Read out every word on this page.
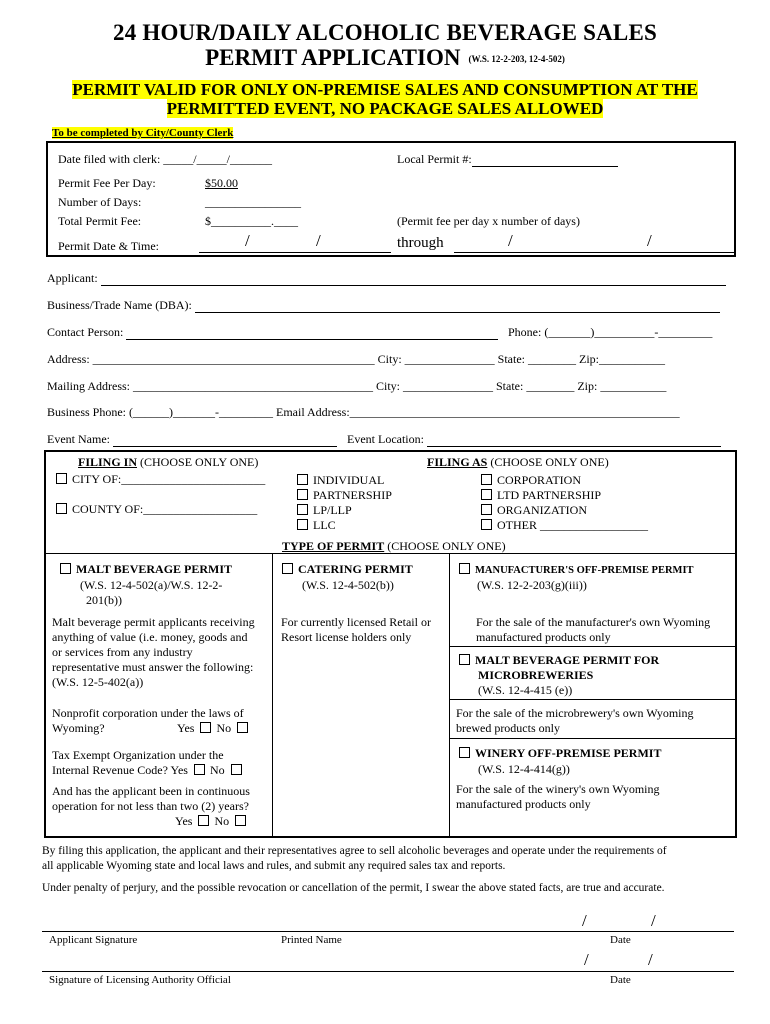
24 HOUR/DAILY ALCOHOLIC BEVERAGE SALES
PERMIT APPLICATION (W.S. 12-2-203, 12-4-502)
PERMIT VALID FOR ONLY ON-PREMISE SALES AND CONSUMPTION AT THE
PERMITTED EVENT, NO PACKAGE SALES ALLOWED
To be completed by City/County Clerk
Date filed with clerk: _____/_____/_______	Local Permit #:
Permit Fee Per Day:	$50.00
Number of Days:	________________
Total Permit Fee:	$__________.____	(Permit fee per day x number of days)
Permit Date & Time:	/	/	through	/	/
Applicant:
Business/Trade Name (DBA):
Contact Person:	Phone: (_______)__________-_________
Address: _______________________________________________ City: _______________ State: ________ Zip:___________
Mailing Address: ________________________________________ City: _______________ State: ________ Zip: ___________
Business Phone: (______)_______-_________ Email Address:_______________________________________________________
Event Name:	Event Location:
FILING IN (CHOOSE ONLY ONE)
CITY OF:________________________
COUNTY OF:___________________
FILING AS (CHOOSE ONLY ONE)
INDIVIDUAL
PARTNERSHIP
LP/LLP
LLC
CORPORATION
LTD PARTNERSHIP
ORGANIZATION
OTHER __________________
TYPE OF PERMIT (CHOOSE ONLY ONE)
MALT BEVERAGE PERMIT
(W.S. 12-4-502(a)/W.S. 12-2-
201(b))
Malt beverage permit applicants receiving
anything of value (i.e. money, goods and
or services from any industry
representative must answer the following:
(W.S. 12-5-402(a))
Nonprofit corporation under the laws of
Wyoming?	Yes No
Tax Exempt Organization under the
Internal Revenue Code? Yes No
And has the applicant been in continuous
operation for not less than two (2) years?
Yes No
CATERING PERMIT
(W.S. 12-4-502(b))
For currently licensed Retail or
Resort license holders only
MANUFACTURER'S OFF-PREMISE PERMIT
(W.S. 12-2-203(g)(iii))
For the sale of the manufacturer's own Wyoming
manufactured products only
MALT BEVERAGE PERMIT FOR
MICROBREWERIES
(W.S. 12-4-415 (e))
For the sale of the microbrewery's own Wyoming
brewed products only
WINERY OFF-PREMISE PERMIT
(W.S. 12-4-414(g))
For the sale of the winery's own Wyoming
manufactured products only
By filing this application, the applicant and their representatives agree to sell alcoholic beverages and operate under the requirements of
all applicable Wyoming state and local laws and rules, and submit any required sales tax and reports.
Under penalty of perjury, and the possible revocation or cancellation of the permit, I swear the above stated facts, are true and accurate.
/	/
Applicant Signature	Printed Name	Date
/	/
Signature of Licensing Authority Official	Date
